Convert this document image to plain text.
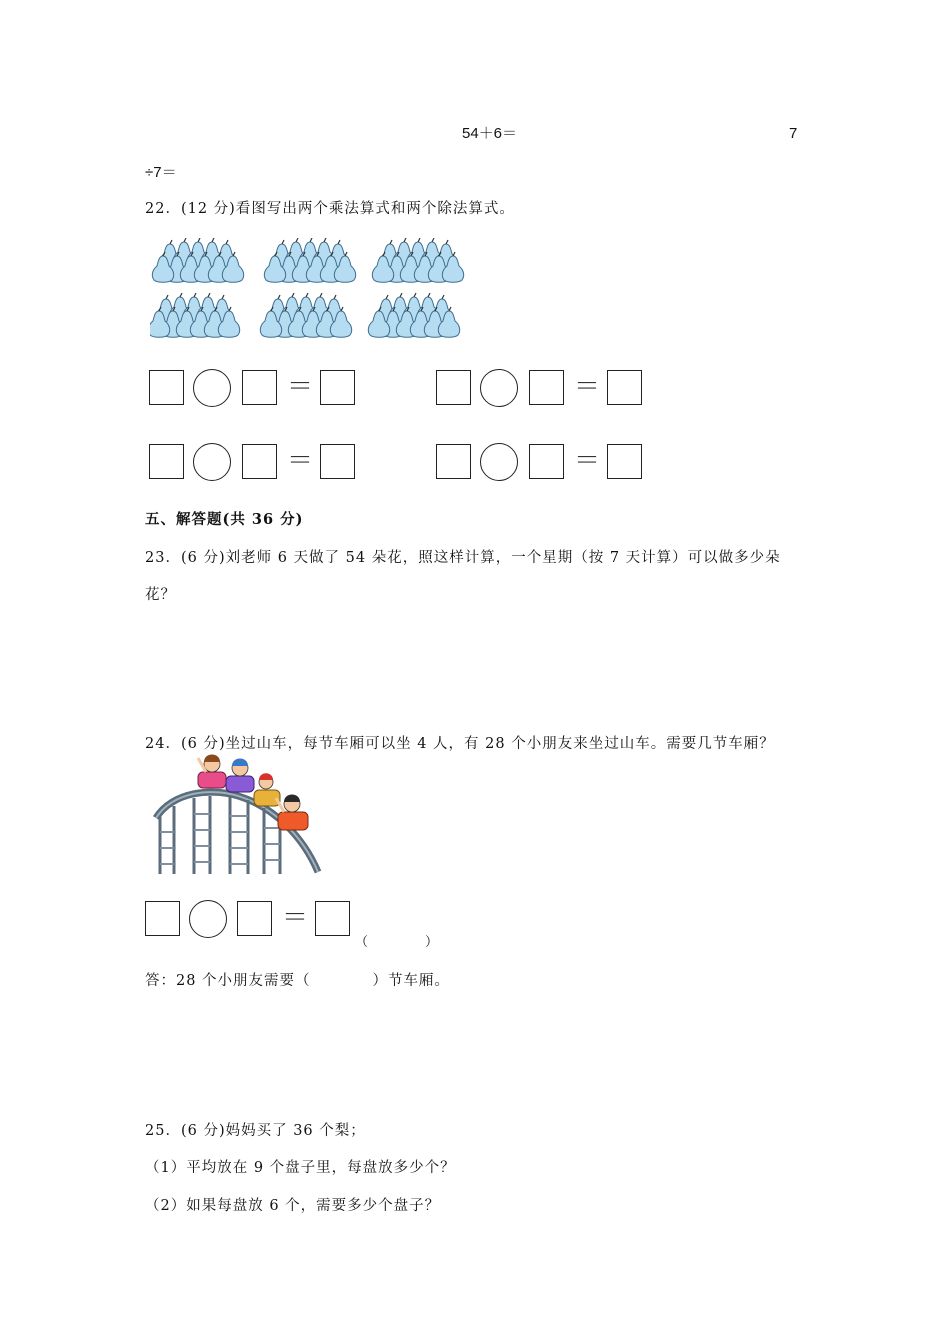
54＋6＝	7
÷7＝
22．(12 分)看图写出两个乘法算式和两个除法算式。
＝	＝
＝	＝
五、解答题(共 36 分)
23．(6 分)刘老师 6 天做了 54 朵花，照这样计算，一个星期（按 7 天计算）可以做多少朵
花？
24．(6 分)坐过山车，每节车厢可以坐 4 人，有 28 个小朋友来坐过山车。需要几节车厢？
＝
（　　　　）
答：28 个小朋友需要（　　　　）节车厢。
25．(6 分)妈妈买了 36 个梨；
（1）平均放在 9 个盘子里，每盘放多少个？
（2）如果每盘放 6 个，需要多少个盘子？
